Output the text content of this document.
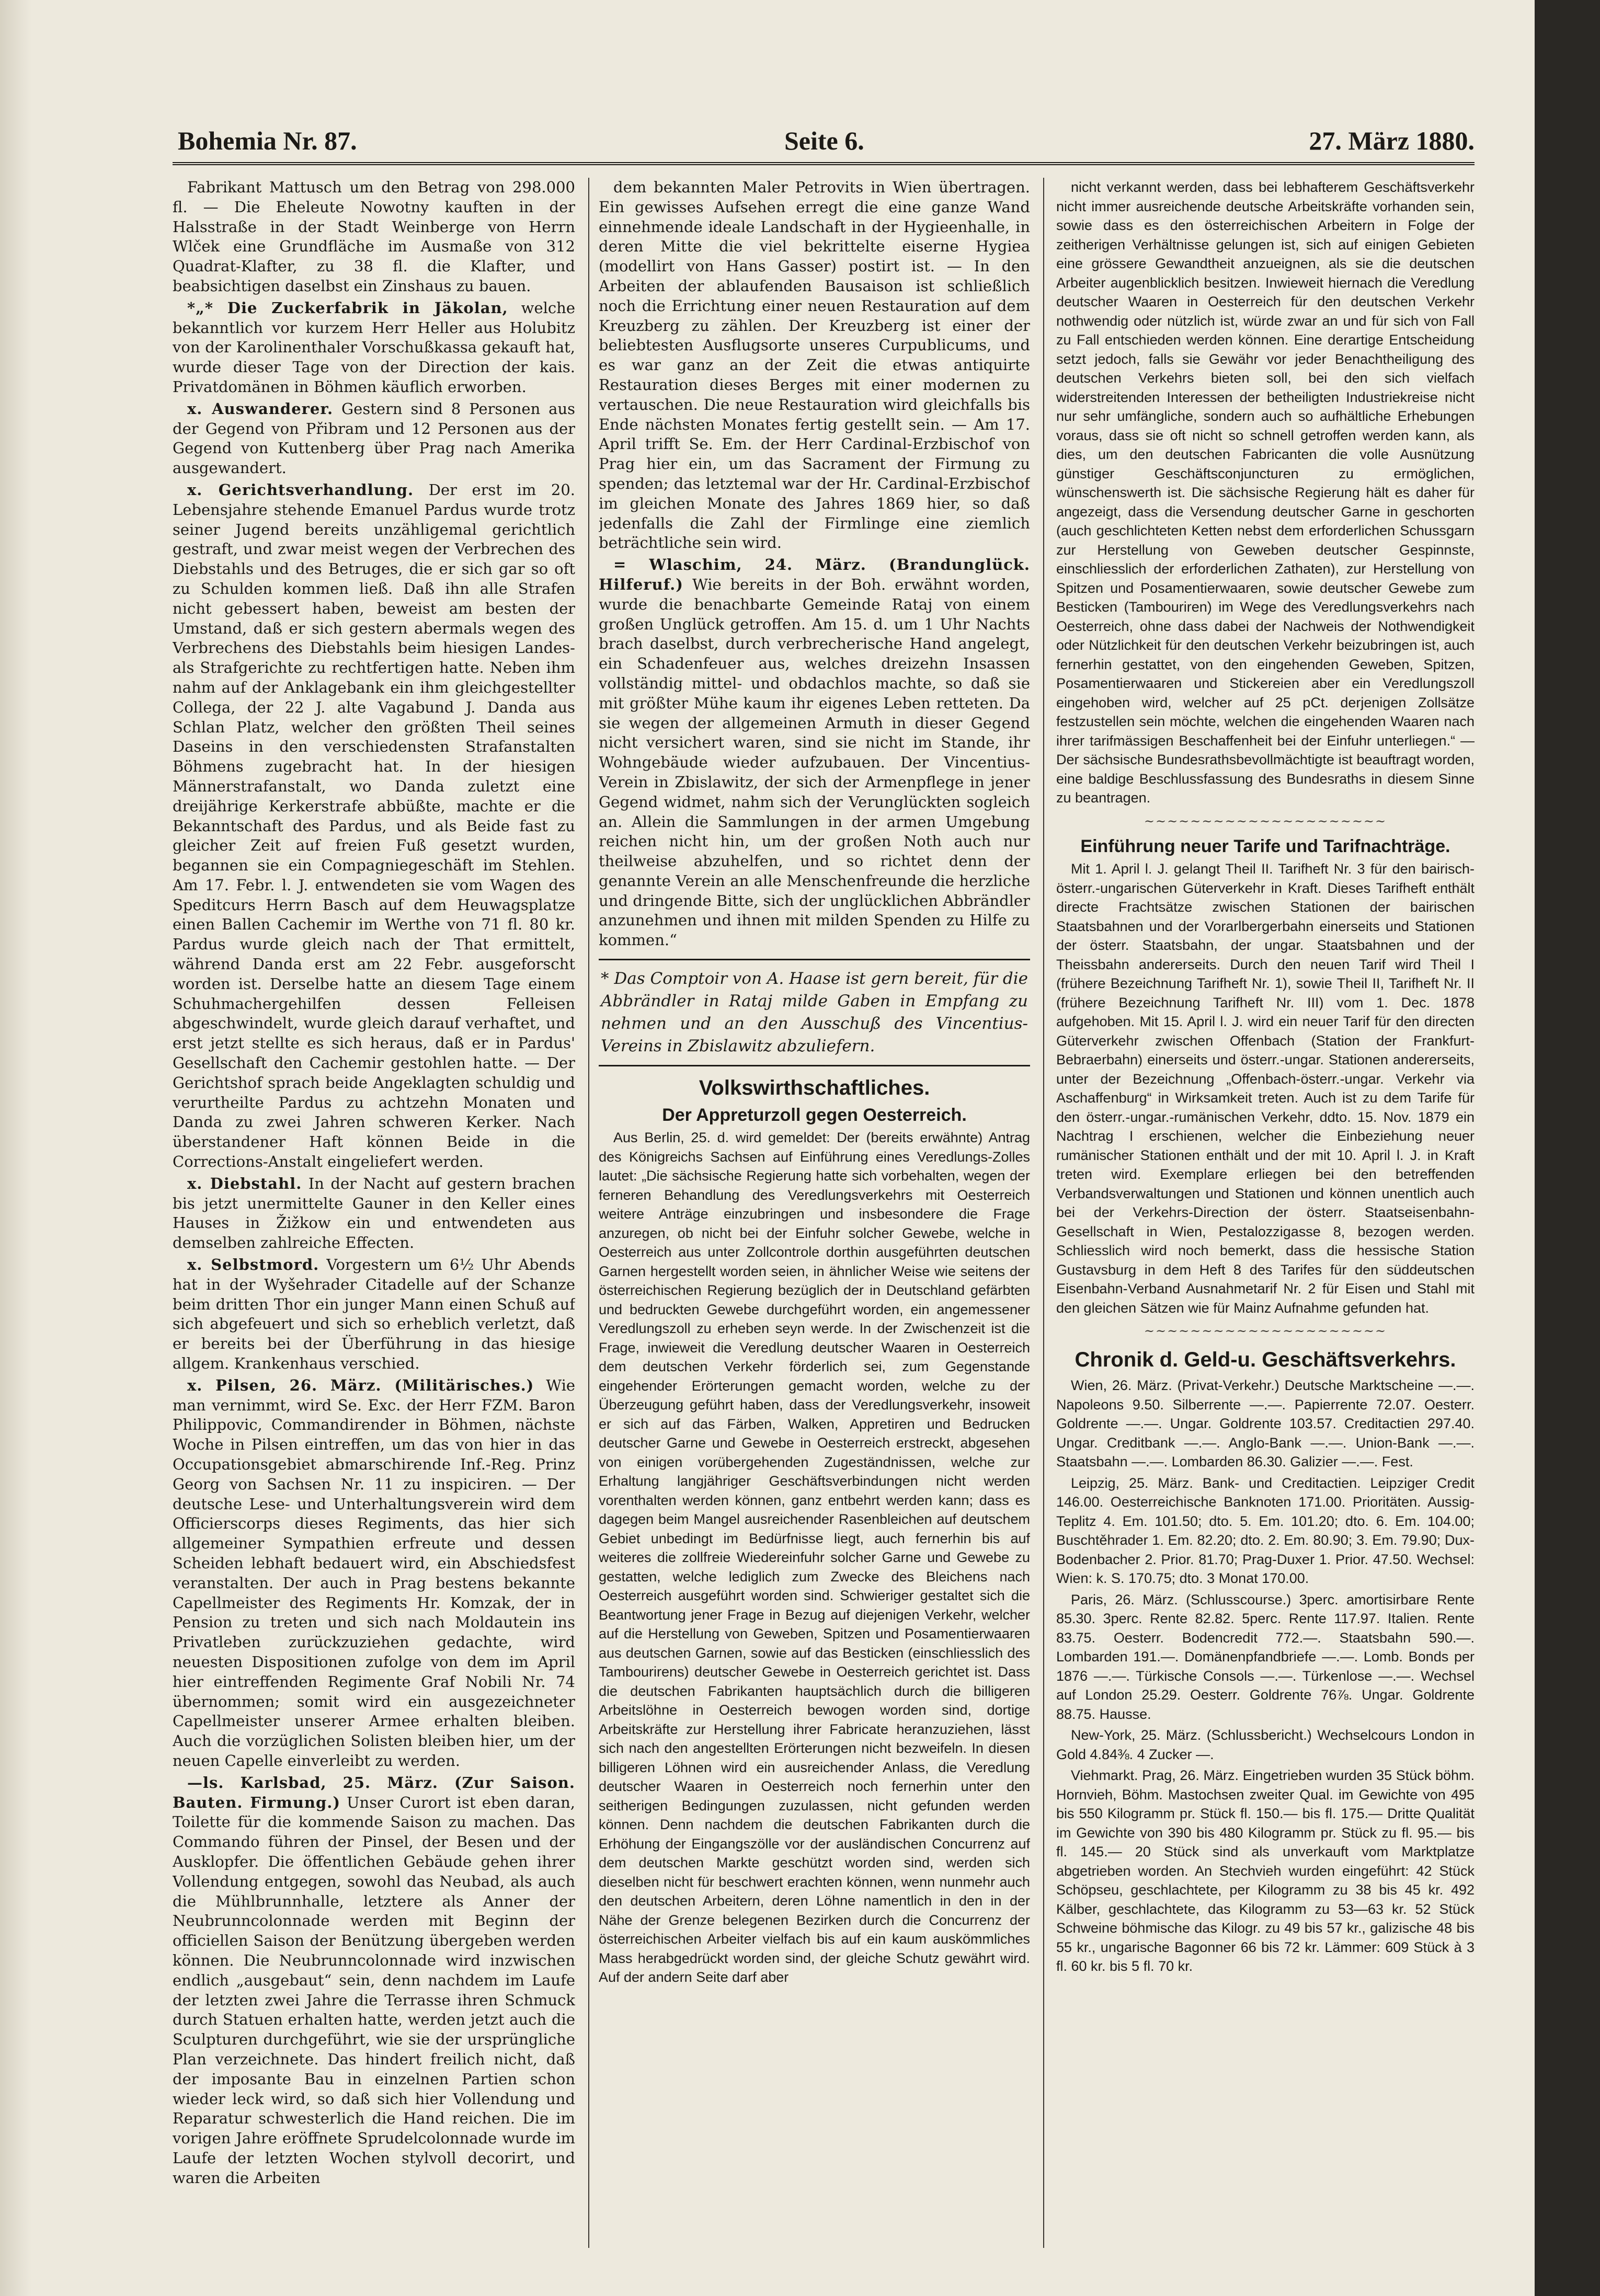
Bohemia Nr. 87.	Seite 6.	27. März 1880.

Fabrikant Mattusch um den Betrag von 298.000 fl. — Die Eheleute Nowotny kauften in der Halsstraße in der Stadt Weinberge von Herrn Wlček eine Grundfläche im Ausmaße von 312 Quadrat-Klafter, zu 38 fl. die Klafter, und beabsichtigen daselbst ein Zinshaus zu bauen.

*„* Die Zuckerfabrik in Jäkolan, welche bekanntlich vor kurzem Herr Heller aus Holubitz von der Karolinenthaler Vorschußkassa gekauft hat, wurde dieser Tage von der Direction der kais. Privatdomänen in Böhmen käuflich erworben.

x. Auswanderer. Gestern sind 8 Personen aus der Gegend von Přibram und 12 Personen aus der Gegend von Kuttenberg über Prag nach Amerika ausgewandert.

x. Gerichtsverhandlung. Der erst im 20. Lebensjahre stehende Emanuel Pardus wurde trotz seiner Jugend bereits unzähligemal gerichtlich gestraft, und zwar meist wegen der Verbrechen des Diebstahls und des Betruges, die er sich gar so oft zu Schulden kommen ließ. Daß ihn alle Strafen nicht gebessert haben, beweist am besten der Umstand, daß er sich gestern abermals wegen des Verbrechens des Diebstahls beim hiesigen Landes- als Strafgerichte zu rechtfertigen hatte. Neben ihm nahm auf der Anklagebank ein ihm gleichgestellter Collega, der 22 J. alte Vagabund J. Danda aus Schlan Platz, welcher den größten Theil seines Daseins in den verschiedensten Strafanstalten Böhmens zugebracht hat. In der hiesigen Männerstrafanstalt, wo Danda zuletzt eine dreijährige Kerkerstrafe abbüßte, machte er die Bekanntschaft des Pardus, und als Beide fast zu gleicher Zeit auf freien Fuß gesetzt wurden, begannen sie ein Compagniegeschäft im Stehlen. Am 17. Febr. l. J. entwendeten sie vom Wagen des Speditcurs Herrn Basch auf dem Heuwagsplatze einen Ballen Cachemir im Werthe von 71 fl. 80 kr. Pardus wurde gleich nach der That ermittelt, während Danda erst am 22 Febr. ausgeforscht worden ist. Derselbe hatte an diesem Tage einem Schuhmachergehilfen dessen Felleisen abgeschwindelt, wurde gleich darauf verhaftet, und erst jetzt stellte es sich heraus, daß er in Pardus' Gesellschaft den Cachemir gestohlen hatte. — Der Gerichtshof sprach beide Angeklagten schuldig und verurtheilte Pardus zu achtzehn Monaten und Danda zu zwei Jahren schweren Kerker. Nach überstandener Haft können Beide in die Corrections-Anstalt eingeliefert werden.

x. Diebstahl. In der Nacht auf gestern brachen bis jetzt unermittelte Gauner in den Keller eines Hauses in Žižkow ein und entwendeten aus demselben zahlreiche Effecten.

x. Selbstmord. Vorgestern um 6½ Uhr Abends hat in der Wyšehrader Citadelle auf der Schanze beim dritten Thor ein junger Mann einen Schuß auf sich abgefeuert und sich so erheblich verletzt, daß er bereits bei der Überführung in das hiesige allgem. Krankenhaus verschied.

x. Pilsen, 26. März. (Militärisches.) Wie man vernimmt, wird Se. Exc. der Herr FZM. Baron Philippovic, Commandirender in Böhmen, nächste Woche in Pilsen eintreffen, um das von hier in das Occupationsgebiet abmarschirende Inf.-Reg. Prinz Georg von Sachsen Nr. 11 zu inspiciren. — Der deutsche Lese- und Unterhaltungsverein wird dem Officierscorps dieses Regiments, das hier sich allgemeiner Sympathien erfreute und dessen Scheiden lebhaft bedauert wird, ein Abschiedsfest veranstalten. Der auch in Prag bestens bekannte Capellmeister des Regiments Hr. Komzak, der in Pension zu treten und sich nach Moldautein ins Privatleben zurückzuziehen gedachte, wird neuesten Dispositionen zufolge von dem im April hier eintreffenden Regimente Graf Nobili Nr. 74 übernommen; somit wird ein ausgezeichneter Capellmeister unserer Armee erhalten bleiben. Auch die vorzüglichen Solisten bleiben hier, um der neuen Capelle einverleibt zu werden.

—ls. Karlsbad, 25. März. (Zur Saison. Bauten. Firmung.) Unser Curort ist eben daran, Toilette für die kommende Saison zu machen. Das Commando führen der Pinsel, der Besen und der Ausklopfer. Die öffentlichen Gebäude gehen ihrer Vollendung entgegen, sowohl das Neubad, als auch die Mühlbrunnhalle, letztere als Anner der Neubrunncolonnade werden mit Beginn der officiellen Saison der Benützung übergeben werden können. Die Neubrunncolonnade wird inzwischen endlich „ausgebaut“ sein, denn nachdem im Laufe der letzten zwei Jahre die Terrasse ihren Schmuck durch Statuen erhalten hatte, werden jetzt auch die Sculpturen durchgeführt, wie sie der ursprüngliche Plan verzeichnete. Das hindert freilich nicht, daß der imposante Bau in einzelnen Partien schon wieder leck wird, so daß sich hier Vollendung und Reparatur schwesterlich die Hand reichen. Die im vorigen Jahre eröffnete Sprudelcolonnade wurde im Laufe der letzten Wochen stylvoll decorirt, und waren die Arbeiten

dem bekannten Maler Petrovits in Wien übertragen. Ein gewisses Aufsehen erregt die eine ganze Wand einnehmende ideale Landschaft in der Hygieenhalle, in deren Mitte die viel bekrittelte eiserne Hygiea (modellirt von Hans Gasser) postirt ist. — In den Arbeiten der ablaufenden Bausaison ist schließlich noch die Errichtung einer neuen Restauration auf dem Kreuzberg zu zählen. Der Kreuzberg ist einer der beliebtesten Ausflugsorte unseres Curpublicums, und es war ganz an der Zeit die etwas antiquirte Restauration dieses Berges mit einer modernen zu vertauschen. Die neue Restauration wird gleichfalls bis Ende nächsten Monates fertig gestellt sein. — Am 17. April trifft Se. Em. der Herr Cardinal-Erzbischof von Prag hier ein, um das Sacrament der Firmung zu spenden; das letztemal war der Hr. Cardinal-Erzbischof im gleichen Monate des Jahres 1869 hier, so daß jedenfalls die Zahl der Firmlinge eine ziemlich beträchtliche sein wird.

= Wlaschim, 24. März. (Brandunglück. Hilferuf.) Wie bereits in der Boh. erwähnt worden, wurde die benachbarte Gemeinde Rataj von einem großen Unglück getroffen. Am 15. d. um 1 Uhr Nachts brach daselbst, durch verbrecherische Hand angelegt, ein Schadenfeuer aus, welches dreizehn Insassen vollständig mittel- und obdachlos machte, so daß sie mit größter Mühe kaum ihr eigenes Leben retteten. Da sie wegen der allgemeinen Armuth in dieser Gegend nicht versichert waren, sind sie nicht im Stande, ihr Wohngebäude wieder aufzubauen. Der Vincentius-Verein in Zbislawitz, der sich der Armenpflege in jener Gegend widmet, nahm sich der Verunglückten sogleich an. Allein die Sammlungen in der armen Umgebung reichen nicht hin, um der großen Noth auch nur theilweise abzuhelfen, und so richtet denn der genannte Verein an alle Menschenfreunde die herzliche und dringende Bitte, sich der unglücklichen Abbrändler anzunehmen und ihnen mit milden Spenden zu Hilfe zu kommen.“

* Das Comptoir von A. Haase ist gern bereit, für die Abbrändler in Rataj milde Gaben in Empfang zu nehmen und an den Ausschuß des Vincentius-Vereins in Zbislawitz abzuliefern.
Volkswirthschaftliches.
Der Appreturzoll gegen Oesterreich.

Aus Berlin, 25. d. wird gemeldet: Der (bereits erwähnte) Antrag des Königreichs Sachsen auf Einführung eines Veredlungs-Zolles lautet: „Die sächsische Regierung hatte sich vorbehalten, wegen der ferneren Behandlung des Veredlungsverkehrs mit Oesterreich weitere Anträge einzubringen und insbesondere die Frage anzuregen, ob nicht bei der Einfuhr solcher Gewebe, welche in Oesterreich aus unter Zollcontrole dorthin ausgeführten deutschen Garnen hergestellt worden seien, in ähnlicher Weise wie seitens der österreichischen Regierung bezüglich der in Deutschland gefärbten und bedruckten Gewebe durchgeführt worden, ein angemessener Veredlungszoll zu erheben seyn werde. In der Zwischenzeit ist die Frage, inwieweit die Veredlung deutscher Waaren in Oesterreich dem deutschen Verkehr förderlich sei, zum Gegenstande eingehender Erörterungen gemacht worden, welche zu der Überzeugung geführt haben, dass der Veredlungsverkehr, insoweit er sich auf das Färben, Walken, Appretiren und Bedrucken deutscher Garne und Gewebe in Oesterreich erstreckt, abgesehen von einigen vorübergehenden Zugeständnissen, welche zur Erhaltung langjähriger Geschäftsverbindungen nicht werden vorenthalten werden können, ganz entbehrt werden kann; dass es dagegen beim Mangel ausreichender Rasenbleichen auf deutschem Gebiet unbedingt im Bedürfnisse liegt, auch fernerhin bis auf weiteres die zollfreie Wiedereinfuhr solcher Garne und Gewebe zu gestatten, welche lediglich zum Zwecke des Bleichens nach Oesterreich ausgeführt worden sind. Schwieriger gestaltet sich die Beantwortung jener Frage in Bezug auf diejenigen Verkehr, welcher auf die Herstellung von Geweben, Spitzen und Posamentierwaaren aus deutschen Garnen, sowie auf das Besticken (einschliesslich des Tambourirens) deutscher Gewebe in Oesterreich gerichtet ist. Dass die deutschen Fabrikanten hauptsächlich durch die billigeren Arbeitslöhne in Oesterreich bewogen worden sind, dortige Arbeitskräfte zur Herstellung ihrer Fabricate heranzuziehen, lässt sich nach den angestellten Erörterungen nicht bezweifeln. In diesen billigeren Löhnen wird ein ausreichender Anlass, die Veredlung deutscher Waaren in Oesterreich noch fernerhin unter den seitherigen Bedingungen zuzulassen, nicht gefunden werden können. Denn nachdem die deutschen Fabrikanten durch die Erhöhung der Eingangszölle vor der ausländischen Concurrenz auf dem deutschen Markte geschützt worden sind, werden sich dieselben nicht für beschwert erachten können, wenn nunmehr auch den deutschen Arbeitern, deren Löhne namentlich in den in der Nähe der Grenze belegenen Bezirken durch die Concurrenz der österreichischen Arbeiter vielfach bis auf ein kaum auskömmliches Mass herabgedrückt worden sind, der gleiche Schutz gewährt wird. Auf der andern Seite darf aber

nicht verkannt werden, dass bei lebhafterem Geschäftsverkehr nicht immer ausreichende deutsche Arbeitskräfte vorhanden sein, sowie dass es den österreichischen Arbeitern in Folge der zeitherigen Verhältnisse gelungen ist, sich auf einigen Gebieten eine grössere Gewandtheit anzueignen, als sie die deutschen Arbeiter augenblicklich besitzen. Inwieweit hiernach die Veredlung deutscher Waaren in Oesterreich für den deutschen Verkehr nothwendig oder nützlich ist, würde zwar an und für sich von Fall zu Fall entschieden werden können. Eine derartige Entscheidung setzt jedoch, falls sie Gewähr vor jeder Benachtheiligung des deutschen Verkehrs bieten soll, bei den sich vielfach widerstreitenden Interessen der betheiligten Industriekreise nicht nur sehr umfängliche, sondern auch so aufhältliche Erhebungen voraus, dass sie oft nicht so schnell getroffen werden kann, als dies, um den deutschen Fabricanten die volle Ausnützung günstiger Geschäftsconjuncturen zu ermöglichen, wünschenswerth ist. Die sächsische Regierung hält es daher für angezeigt, dass die Versendung deutscher Garne in geschorten (auch geschlichteten Ketten nebst dem erforderlichen Schussgarn zur Herstellung von Geweben deutscher Gespinnste, einschliesslich der erforderlichen Zathaten), zur Herstellung von Spitzen und Posamentierwaaren, sowie deutscher Gewebe zum Besticken (Tambouriren) im Wege des Veredlungsverkehrs nach Oesterreich, ohne dass dabei der Nachweis der Nothwendigkeit oder Nützlichkeit für den deutschen Verkehr beizubringen ist, auch fernerhin gestattet, von den eingehenden Geweben, Spitzen, Posamentierwaaren und Stickereien aber ein Veredlungszoll eingehoben wird, welcher auf 25 pCt. derjenigen Zollsätze festzustellen sein möchte, welchen die eingehenden Waaren nach ihrer tarifmässigen Beschaffenheit bei der Einfuhr unterliegen.“ — Der sächsische Bundesrathsbevollmächtigte ist beauftragt worden, eine baldige Beschlussfassung des Bundesraths in diesem Sinne zu beantragen.

~~~~~~~~~~~~~~~~~~~~~
Einführung neuer Tarife und Tarifnachträge.

Mit 1. April l. J. gelangt Theil II. Tarifheft Nr. 3 für den bairisch-österr.-ungarischen Güterverkehr in Kraft. Dieses Tarifheft enthält directe Frachtsätze zwischen Stationen der bairischen Staatsbahnen und der Vorarlbergerbahn einerseits und Stationen der österr. Staatsbahn, der ungar. Staatsbahnen und der Theissbahn andererseits. Durch den neuen Tarif wird Theil I (frühere Bezeichnung Tarifheft Nr. 1), sowie Theil II, Tarifheft Nr. II (frühere Bezeichnung Tarifheft Nr. III) vom 1. Dec. 1878 aufgehoben. Mit 15. April l. J. wird ein neuer Tarif für den directen Güterverkehr zwischen Offenbach (Station der Frankfurt-Bebraerbahn) einerseits und österr.-ungar. Stationen andererseits, unter der Bezeichnung „Offenbach-österr.-ungar. Verkehr via Aschaffenburg“ in Wirksamkeit treten. Auch ist zu dem Tarife für den österr.-ungar.-rumänischen Verkehr, ddto. 15. Nov. 1879 ein Nachtrag I erschienen, welcher die Einbeziehung neuer rumänischer Stationen enthält und der mit 10. April l. J. in Kraft treten wird. Exemplare erliegen bei den betreffenden Verbandsverwaltungen und Stationen und können unentlich auch bei der Verkehrs-Direction der österr. Staatseisenbahn-Gesellschaft in Wien, Pestalozzigasse 8, bezogen werden. Schliesslich wird noch bemerkt, dass die hessische Station Gustavsburg in dem Heft 8 des Tarifes für den süddeutschen Eisenbahn-Verband Ausnahmetarif Nr. 2 für Eisen und Stahl mit den gleichen Sätzen wie für Mainz Aufnahme gefunden hat.

~~~~~~~~~~~~~~~~~~~~~
Chronik d. Geld-u. Geschäftsverkehrs.

Wien, 26. März. (Privat-Verkehr.) Deutsche Marktscheine —.—. Napoleons 9.50. Silberrente —.—. Papierrente 72.07. Oesterr. Goldrente —.—. Ungar. Goldrente 103.57. Creditactien 297.40. Ungar. Creditbank —.—. Anglo-Bank —.—. Union-Bank —.—. Staatsbahn —.—. Lombarden 86.30. Galizier —.—. Fest.

Leipzig, 25. März. Bank- und Creditactien. Leipziger Credit 146.00. Oesterreichische Banknoten 171.00. Prioritäten. Aussig-Teplitz 4. Em. 101.50; dto. 5. Em. 101.20; dto. 6. Em. 104.00; Buschtěhrader 1. Em. 82.20; dto. 2. Em. 80.90; 3. Em. 79.90; Dux-Bodenbacher 2. Prior. 81.70; Prag-Duxer 1. Prior. 47.50. Wechsel: Wien: k. S. 170.75; dto. 3 Monat 170.00.

Paris, 26. März. (Schlusscourse.) 3perc. amortisirbare Rente 85.30. 3perc. Rente 82.82. 5perc. Rente 117.97. Italien. Rente 83.75. Oesterr. Bodencredit 772.—. Staatsbahn 590.—. Lombarden 191.—. Domänenpfandbriefe —.—. Lomb. Bonds per 1876 —.—. Türkische Consols —.—. Türkenlose —.—. Wechsel auf London 25.29. Oesterr. Goldrente 76⅞. Ungar. Goldrente 88.75. Hausse.

New-York, 25. März. (Schlussbericht.) Wechselcours London in Gold 4.84⅜. 4 Zucker —.

Viehmarkt. Prag, 26. März. Eingetrieben wurden 35 Stück böhm. Hornvieh, Böhm. Mastochsen zweiter Qual. im Gewichte von 495 bis 550 Kilogramm pr. Stück fl. 150.— bis fl. 175.— Dritte Qualität im Gewichte von 390 bis 480 Kilogramm pr. Stück zu fl. 95.— bis fl. 145.— 20 Stück sind als unverkauft vom Marktplatze abgetrieben worden. An Stechvieh wurden eingeführt: 42 Stück Schöpseu, geschlachtete, per Kilogramm zu 38 bis 45 kr. 492 Kälber, geschlachtete, das Kilogramm zu 53—63 kr. 52 Stück Schweine böhmische das Kilogr. zu 49 bis 57 kr., galizische 48 bis 55 kr., ungarische Bagonner 66 bis 72 kr. Lämmer: 609 Stück à 3 fl. 60 kr. bis 5 fl. 70 kr.
